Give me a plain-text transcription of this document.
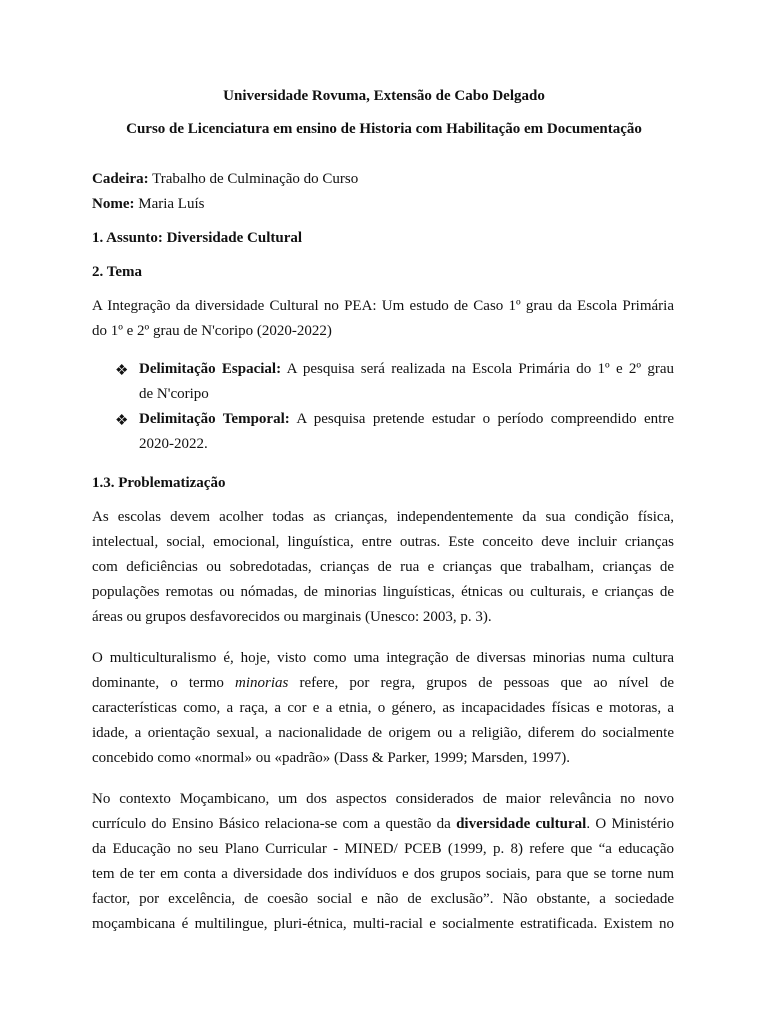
Universidade Rovuma, Extensão de Cabo Delgado
Curso de Licenciatura em ensino de Historia com Habilitação em Documentação
Cadeira: Trabalho de Culminação do Curso
Nome: Maria Luís
1. Assunto: Diversidade Cultural
2. Tema
A Integração da diversidade Cultural no PEA: Um estudo de Caso 1º grau da Escola Primária
do 1º e 2º grau de N'coripo (2020-2022)
❖ Delimitação Espacial: A pesquisa será realizada na Escola Primária do 1º e 2º grau
de N'coripo
❖ Delimitação Temporal: A pesquisa pretende estudar o período compreendido entre
2020-2022.
1.3. Problematização
As escolas devem acolher todas as crianças, independentemente da sua condição física,
intelectual, social, emocional, linguística, entre outras. Este conceito deve incluir crianças
com deficiências ou sobredotadas, crianças de rua e crianças que trabalham, crianças de
populações remotas ou nómadas, de minorias linguísticas, étnicas ou culturais, e crianças de
áreas ou grupos desfavorecidos ou marginais (Unesco: 2003, p. 3).
O multiculturalismo é, hoje, visto como uma integração de diversas minorias numa cultura
dominante, o termo minorias refere, por regra, grupos de pessoas que ao nível de
características como, a raça, a cor e a etnia, o género, as incapacidades físicas e motoras, a
idade, a orientação sexual, a nacionalidade de origem ou a religião, diferem do socialmente
concebido como «normal» ou «padrão» (Dass & Parker, 1999; Marsden, 1997).
No contexto Moçambicano, um dos aspectos considerados de maior relevância no novo
currículo do Ensino Básico relaciona-se com a questão da diversidade cultural. O Ministério
da Educação no seu Plano Curricular - MINED/ PCEB (1999, p. 8) refere que “a educação
tem de ter em conta a diversidade dos indivíduos e dos grupos sociais, para que se torne num
factor, por excelência, de coesão social e não de exclusão”. Não obstante, a sociedade
moçambicana é multilingue, pluri-étnica, multi-racial e socialmente estratificada. Existem no
